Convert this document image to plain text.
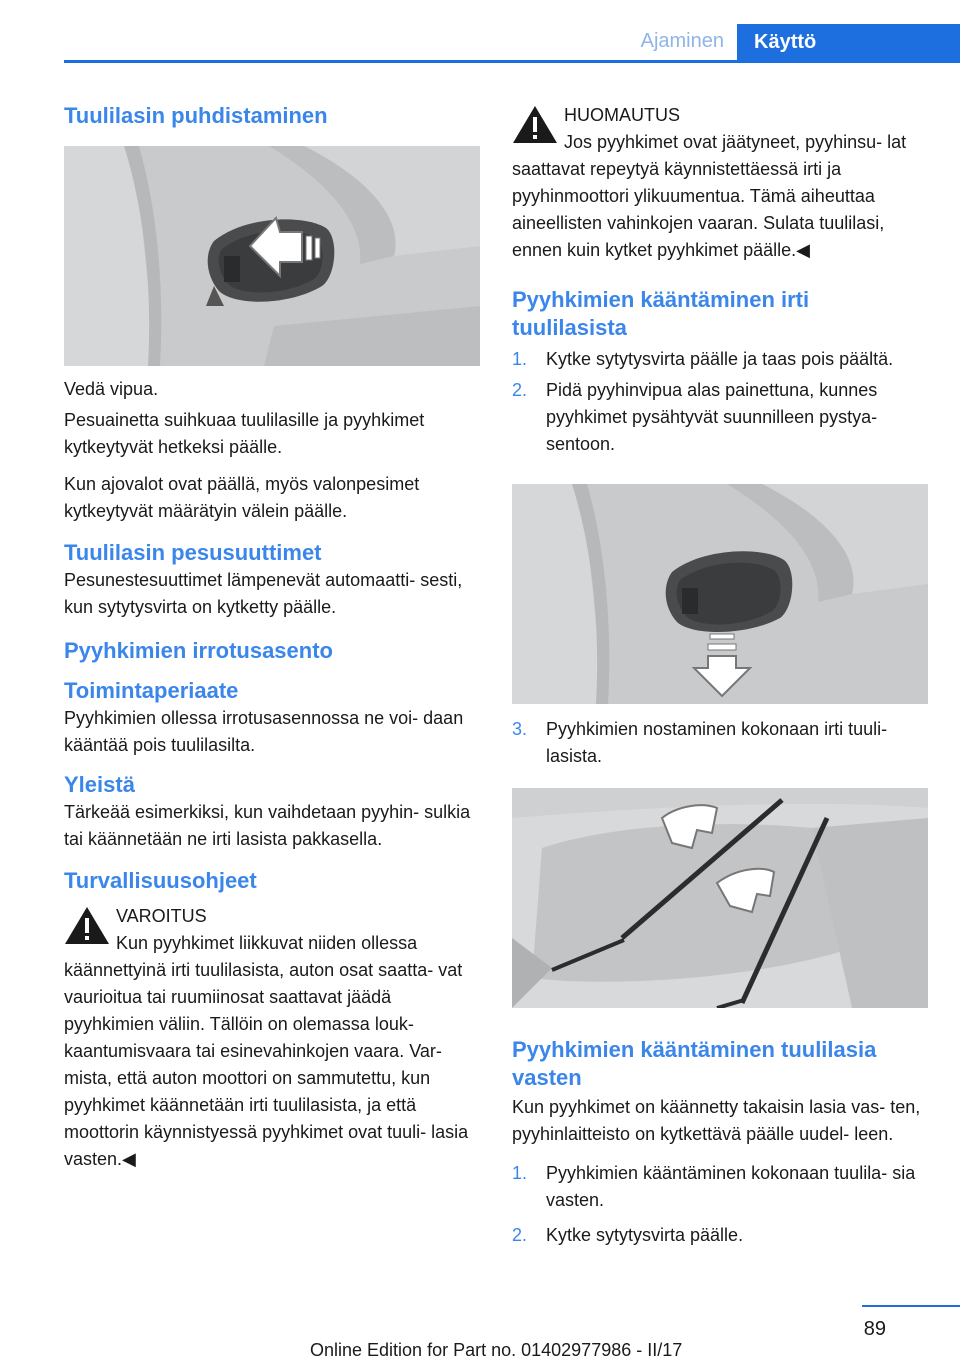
Ajaminen	Käyttö
Tuulilasin puhdistaminen

Vedä vipua.

Pesuainetta suihkuaa tuulilasille ja pyyhkimet kytkeytyvät hetkeksi päälle.

Kun ajovalot ovat päällä, myös valonpesimet kytkeytyvät määrätyin välein päälle.

Tuulilasin pesusuuttimet

Pesunestesuuttimet lämpenevät automaatti‐ sesti, kun sytytysvirta on kytketty päälle.

Pyyhkimien irrotusasento
Toimintaperiaate

Pyyhkimien ollessa irrotusasennossa ne voi‐ daan kääntää pois tuulilasilta.

Yleistä

Tärkeää esimerkiksi, kun vaihdetaan pyyhin‐ sulkia tai käännetään ne irti lasista pakkasella.

Turvallisuusohjeet
VAROITUS
Kun pyyhkimet liikkuvat niiden ollessa käännettyinä irti tuulilasista, auton osat saatta‐ vat vaurioitua tai ruumiinosat saattavat jäädä pyyhkimien väliin. Tällöin on olemassa louk‐ kaantumisvaara tai esinevahinkojen vaara. Var‐ mista, että auton moottori on sammutettu, kun pyyhkimet käännetään irti tuulilasista, ja että moottorin käynnistyessä pyyhkimet ovat tuuli‐ lasia vasten.◀
HUOMAUTUS
Jos pyyhkimet ovat jäätyneet, pyyhinsu‐ lat saattavat repeytyä käynnistettäessä irti ja pyyhinmoottori ylikuumentua. Tämä aiheuttaa aineellisten vahinkojen vaaran. Sulata tuulilasi, ennen kuin kytket pyyhkimet päälle.◀
Pyyhkimien kääntäminen irti tuulilasista
1. Kytke sytytysvirta päälle ja taas pois päältä.
2. Pidä pyyhinvipua alas painettuna, kunnes pyyhkimet pysähtyvät suunnilleen pystya‐ sentoon.
3. Pyyhkimien nostaminen kokonaan irti tuuli‐ lasista.
Pyyhkimien kääntäminen tuulilasia vasten

Kun pyyhkimet on käännetty takaisin lasia vas‐ ten, pyyhinlaitteisto on kytkettävä päälle uudel‐ leen.

1. Pyyhkimien kääntäminen kokonaan tuulila‐ sia vasten.
2. Kytke sytytysvirta päälle.
89
Online Edition for Part no. 01402977986 - II/17
